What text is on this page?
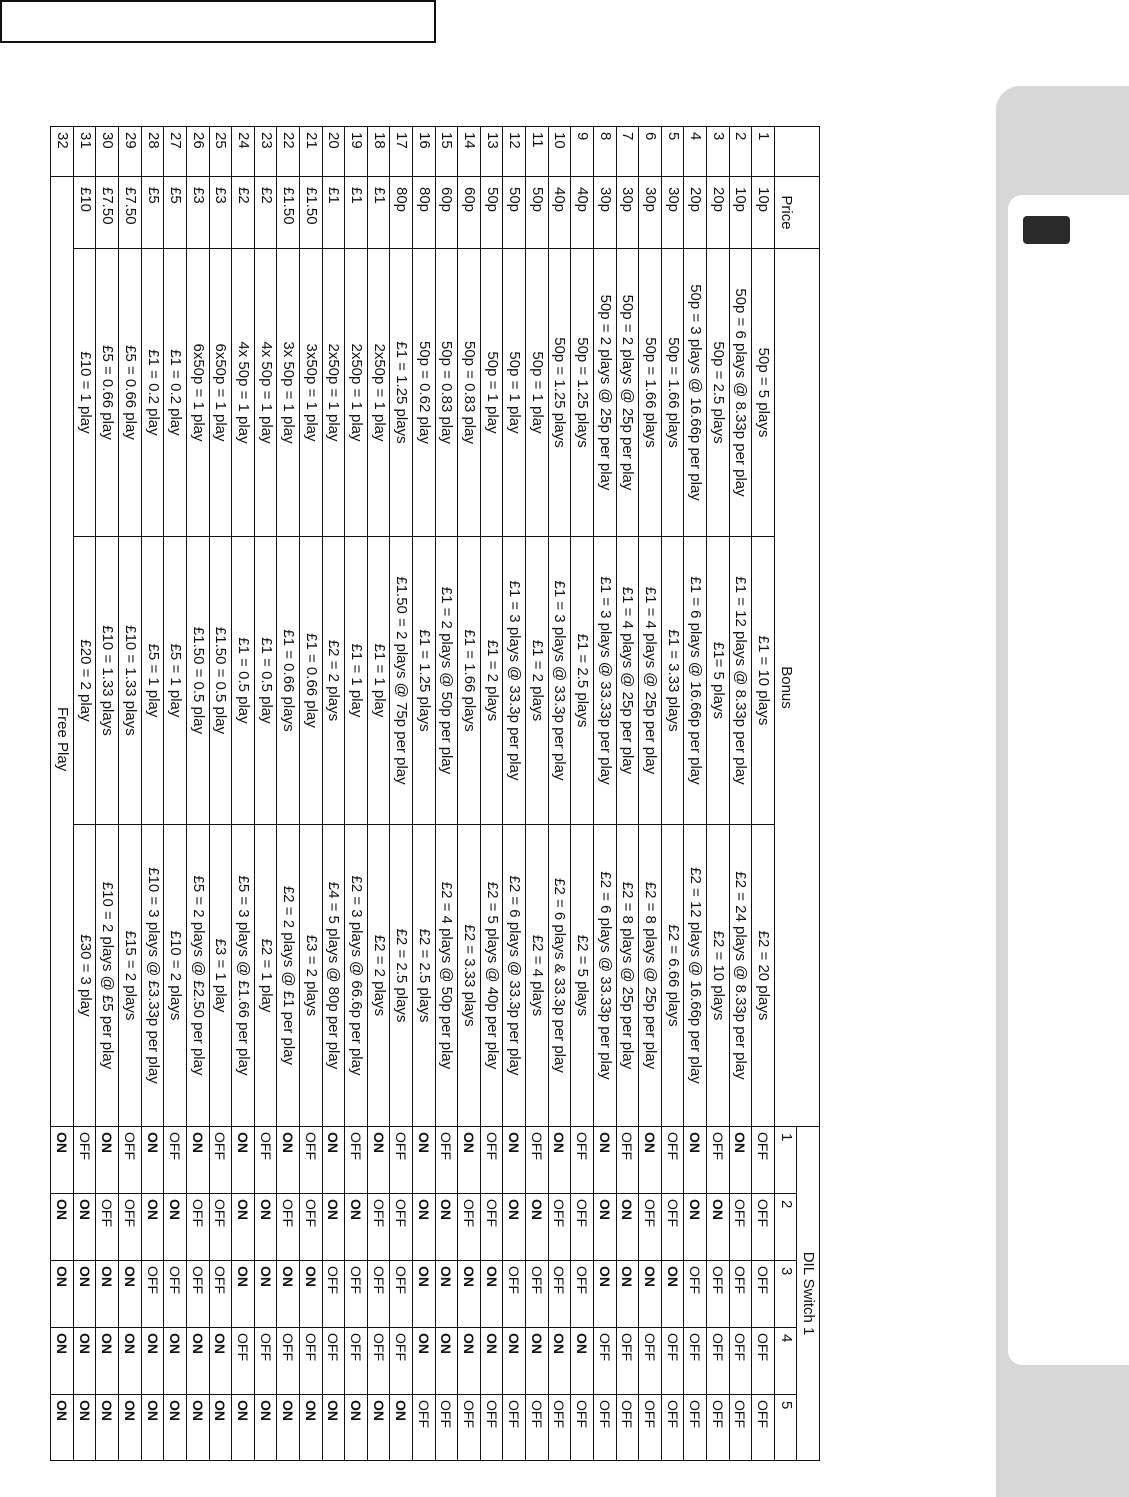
	Price	Bonus			DIL Switch 1				
					1	2	3	4	5
1	10p	50p = 5 plays	£1 = 10 plays	£2 = 20 plays	OFF	OFF	OFF	OFF	OFF
2	10p	50p = 6 plays @ 8.33p per play	£1 = 12 plays @ 8.33p per play	£2 = 24 plays @ 8.33p per play	ON	OFF	OFF	OFF	OFF
3	20p	50p = 2.5 plays	£1= 5 plays	£2 = 10 plays	OFF	ON	OFF	OFF	OFF
4	20p	50p = 3 plays @ 16.66p per play	£1 = 6 plays @ 16.66p per play	£2 = 12 plays @ 16.66p per play	ON	ON	OFF	OFF	OFF
5	30p	50p = 1.66 plays	£1 = 3.33 plays	£2 = 6.66 plays	OFF	OFF	ON	OFF	OFF
6	30p	50p = 1.66 plays	£1 = 4 plays @ 25p per play	£2 = 8 plays @ 25p per play	ON	OFF	ON	OFF	OFF
7	30p	50p = 2 plays @ 25p per play	£1 = 4 plays @ 25p per play	£2 = 8 plays @ 25p per play	OFF	ON	ON	OFF	OFF
8	30p	50p = 2 plays @ 25p per play	£1 = 3 plays @ 33.33p per play	£2 = 6 plays @ 33.33p per play	ON	ON	ON	OFF	OFF
9	40p	50p = 1.25 plays	£1 = 2.5 plays	£2 = 5 plays	OFF	OFF	OFF	ON	OFF
10	40p	50p = 1.25 plays	£1 = 3 plays @ 33.3p per play	£2 = 6 plays & 33.3p per play	ON	OFF	OFF	ON	OFF
11	50p	50p = 1 play	£1 = 2 plays	£2 = 4 plays	OFF	ON	OFF	ON	OFF
12	50p	50p = 1 play	£1 = 3 plays @ 33.3p per play	£2 = 6 plays @ 33.3p per play	ON	ON	OFF	ON	OFF
13	50p	50p = 1 play	£1 = 2 plays	£2 = 5 plays @ 40p per play	OFF	OFF	ON	ON	OFF
14	60p	50p = 0.83 play	£1 = 1.66 plays	£2 = 3.33 plays	ON	OFF	ON	ON	OFF
15	60p	50p = 0.83 play	£1 = 2 plays @ 50p per play	£2 = 4 plays @ 50p per play	OFF	ON	ON	ON	OFF
16	80p	50p = 0.62 play	£1 = 1.25 plays	£2 = 2.5 plays	ON	ON	ON	ON	OFF
17	80p	£1 = 1.25 plays	£1.50 = 2 plays @ 75p per play	£2 = 2.5 plays	OFF	OFF	OFF	OFF	ON
18	£1	2x50p = 1 play	£1 = 1 play	£2 = 2 plays	ON	OFF	OFF	OFF	ON
19	£1	2x50p = 1 play	£1 = 1 play	£2 = 3 plays @ 66.6p per play	OFF	ON	OFF	OFF	ON
20	£1	2x50p = 1 play	£2 = 2 plays	£4 = 5 plays @ 80p per play	ON	ON	OFF	OFF	ON
21	£1.50	3x50p = 1 play	£1 = 0.66 play	£3 = 2 plays	OFF	OFF	ON	OFF	ON
22	£1.50	3x 50p = 1 play	£1 = 0.66 plays	£2 = 2 plays @ £1 per play	ON	OFF	ON	OFF	ON
23	£2	4x 50p = 1 play	£1 = 0.5 play	£2 = 1 play	OFF	ON	ON	OFF	ON
24	£2	4x 50p = 1 play	£1 = 0.5 play	£5 = 3 plays @ £1.66 per play	ON	ON	ON	OFF	ON
25	£3	6x50p = 1 play	£1.50 = 0.5 play	£3 = 1 play	OFF	OFF	OFF	ON	ON
26	£3	6x50p = 1 play	£1.50 = 0.5 play	£5 = 2 plays @ £2.50 per play	ON	OFF	OFF	ON	ON
27	£5	£1 = 0.2 play	£5 = 1 play	£10 = 2 plays	OFF	ON	OFF	ON	ON
28	£5	£1 = 0.2 play	£5 = 1 play	£10 = 3 plays @ £3.33p per play	ON	ON	OFF	ON	ON
29	£7.50	£5 = 0.66 play	£10 = 1.33 plays	£15 = 2 plays	OFF	OFF	ON	ON	ON
30	£7.50	£5 = 0.66 play	£10 = 1.33 plays	£10 = 2 plays @ £5 per play	ON	OFF	ON	ON	ON
31	£10	£10 = 1 play	£20 = 2 play	£30 = 3 play	OFF	ON	ON	ON	ON
32	Free Play				ON	ON	ON	ON	ON
